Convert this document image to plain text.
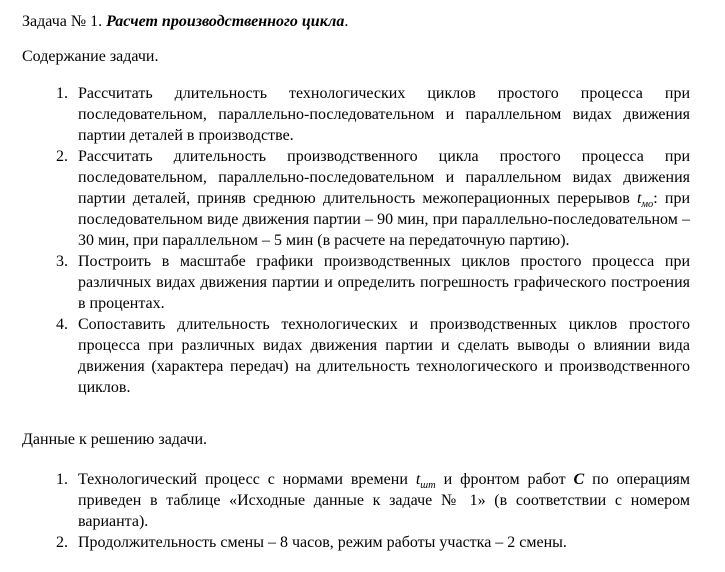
Задача № 1. Расчет производственного цикла.

Содержание задачи.

Рассчитать длительность технологических циклов простого процесса при последовательном, параллельно-последовательном и параллельном видах движения партии деталей в производстве.
Рассчитать длительность производственного цикла простого процесса при последовательном, параллельно-последовательном и параллельном видах движения партии деталей, приняв среднюю длительность межоперационных перерывов $t_{мо}$: при последовательном виде движения партии – 90 мин, при параллельно-последовательном – 30 мин, при параллельном – 5 мин (в расчете на передаточную партию).
Построить в масштабе графики производственных циклов простого процесса при различных видах движения партии и определить погрешность графического построения в процентах.
Сопоставить длительность технологических и производственных циклов простого процесса при различных видах движения партии и сделать выводы о влиянии вида движения (характера передач) на длительность технологического и производственного циклов.

Данные к решению задачи.

Технологический процесс с нормами времени $t_{шт}$ и фронтом работ С по операциям приведен в таблице «Исходные данные к задаче № 1» (в соответствии с номером варианта).
Продолжительность смены – 8 часов, режим работы участка – 2 смены.
